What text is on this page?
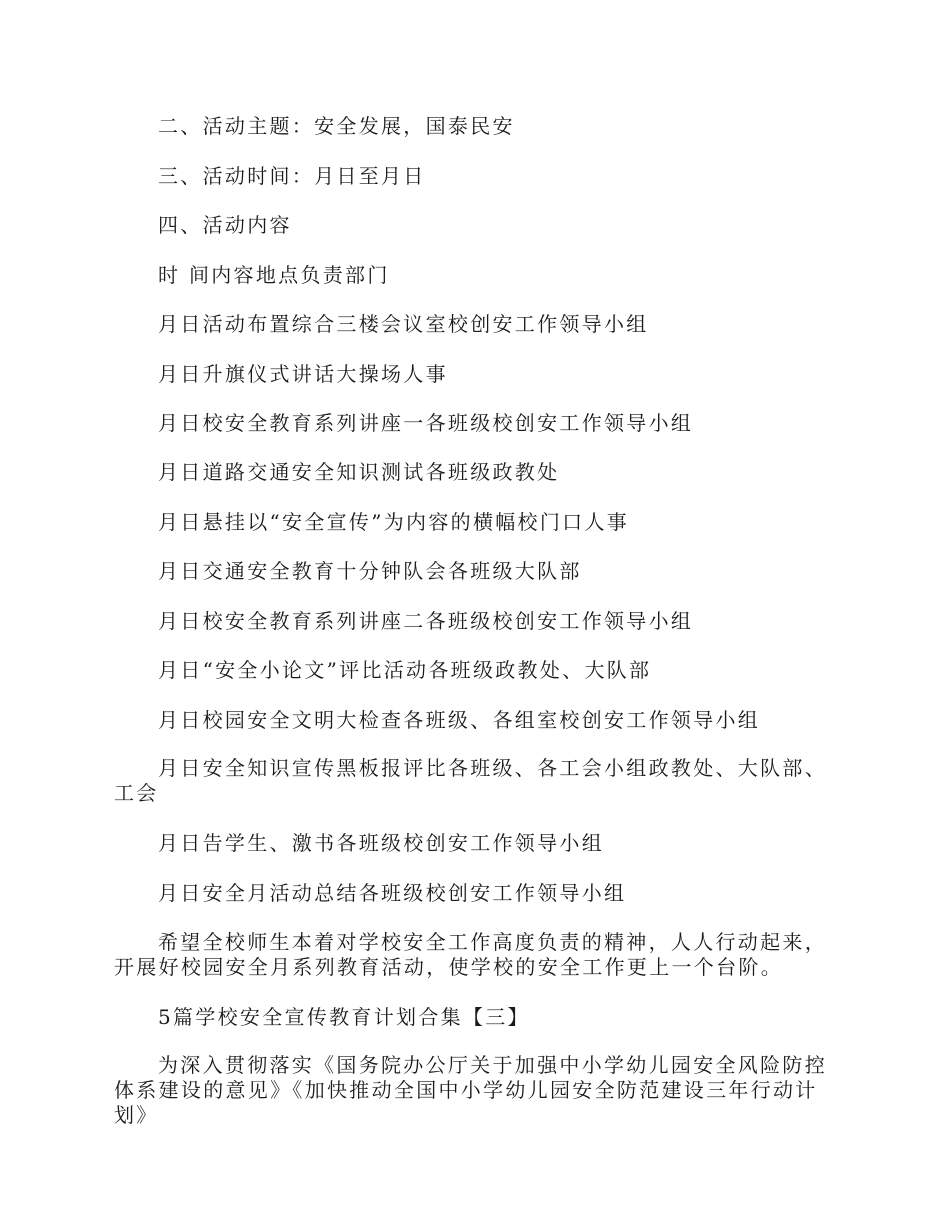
二、活动主题：安全发展，国泰民安
三、活动时间：月日至月日
四、活动内容
时 间内容地点负责部门
月日活动布置综合三楼会议室校创安工作领导小组
月日升旗仪式讲话大操场人事
月日校安全教育系列讲座一各班级校创安工作领导小组
月日道路交通安全知识测试各班级政教处
月日悬挂以“安全宣传”为内容的横幅校门口人事
月日交通安全教育十分钟队会各班级大队部
月日校安全教育系列讲座二各班级校创安工作领导小组
月日“安全小论文”评比活动各班级政教处、大队部
月日校园安全文明大检查各班级、各组室校创安工作领导小组
月日安全知识宣传黑板报评比各班级、各工会小组政教处、大队部、工会
月日告学生、激书各班级校创安工作领导小组
月日安全月活动总结各班级校创安工作领导小组
希望全校师生本着对学校安全工作高度负责的精神，人人行动起来，开展好校园安全月系列教育活动，使学校的安全工作更上一个台阶。
5篇学校安全宣传教育计划合集【三】
为深入贯彻落实《国务院办公厅关于加强中小学幼儿园安全风险防控体系建设的意见》《加快推动全国中小学幼儿园安全防范建设三年行动计划》
